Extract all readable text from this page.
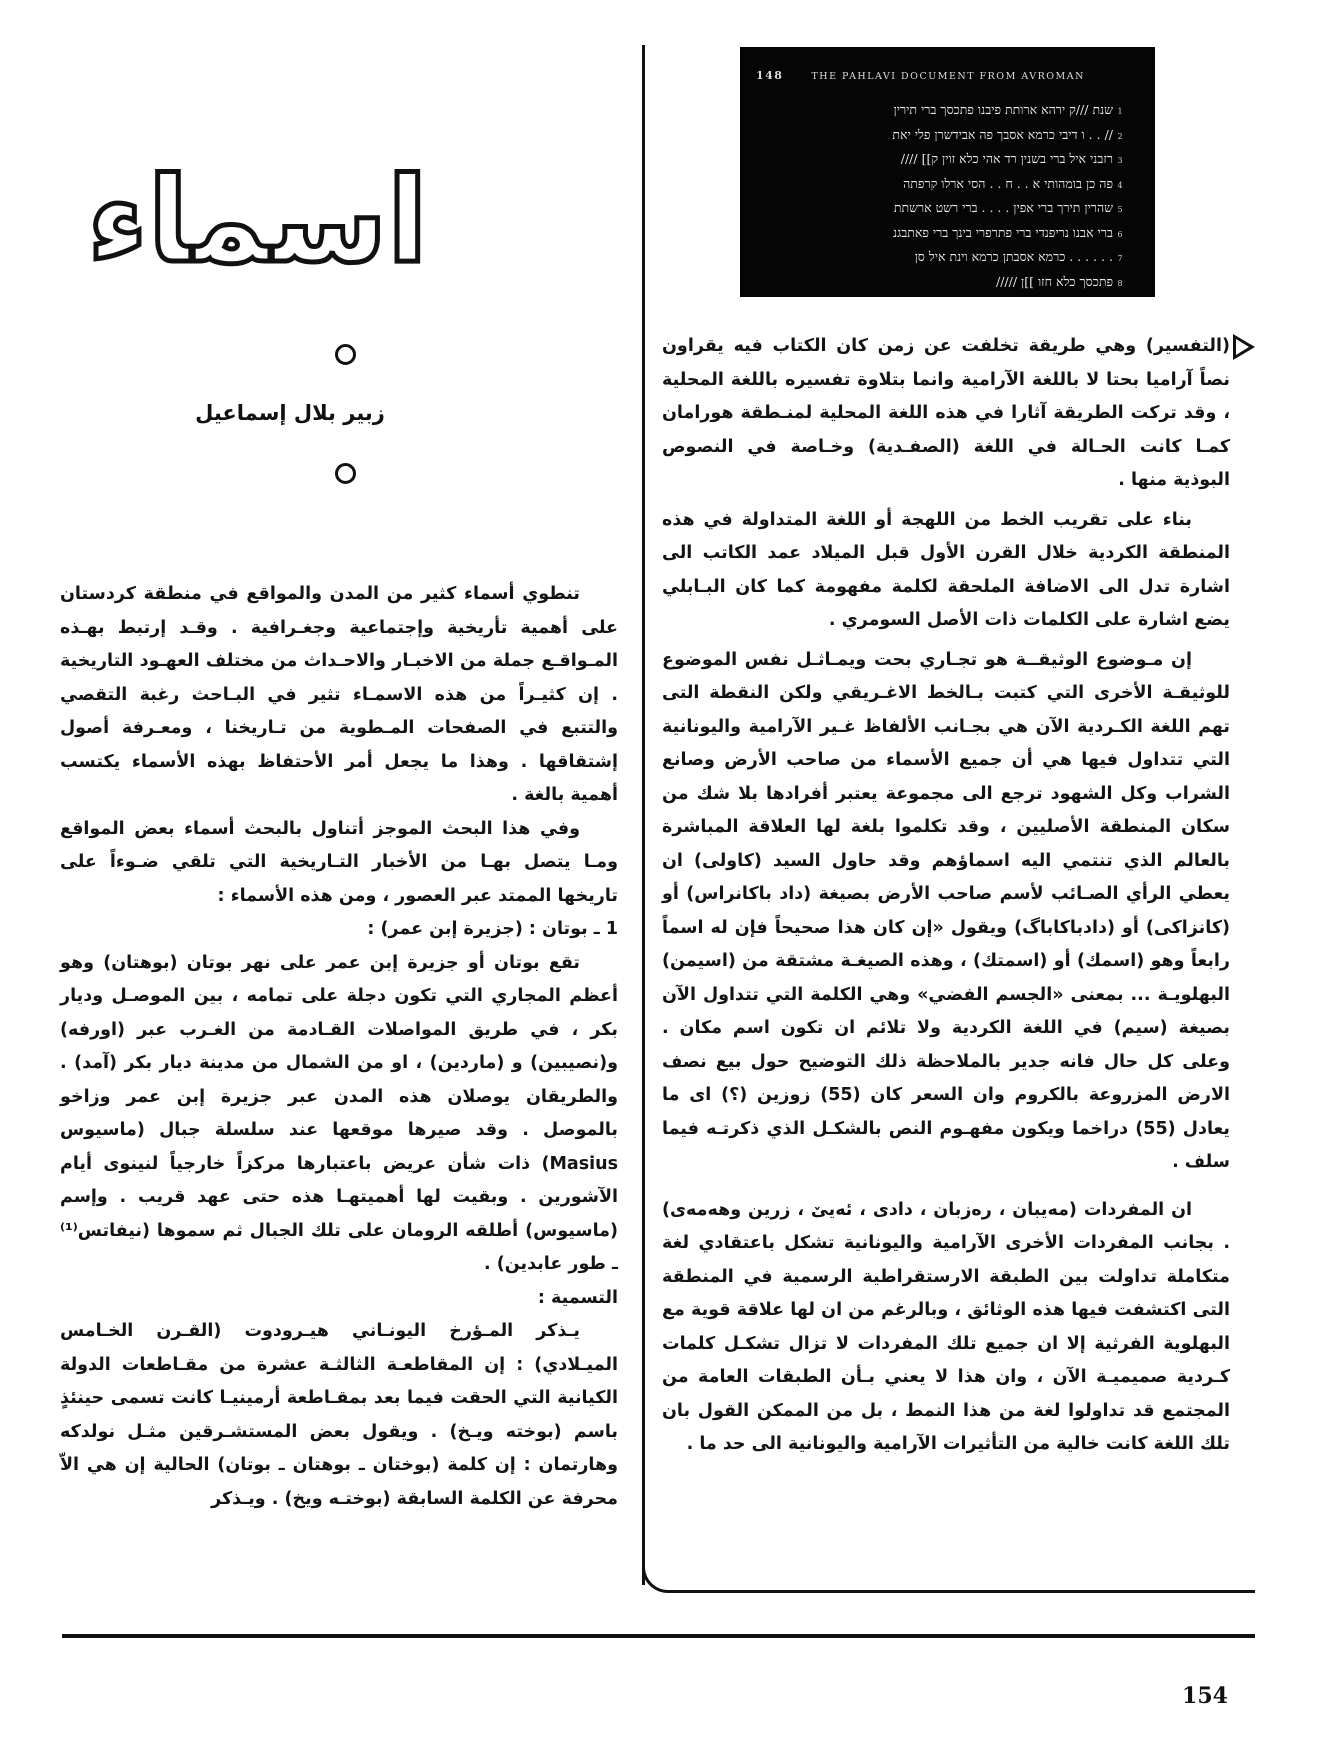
اسماء
زبير بلال إسماعيل

تنطوي أسماء كثير من المدن والمواقع في منطقة كردستان على أهمية تأريخية وإجتماعية وجغـرافية . وقـد إرتبط بهـذه المـواقـع جملة من الاخبـار والاحـداث من مختلف العهـود التاريخية . إن كثيـراً من هذه الاسمـاء تثير في البـاحث رغبة التقصي والتتبع في الصفحات المـطوية من تـاريخنا ، ومعـرفة أصول إشتقاقها . وهذا ما يجعل أمر الأحتفاظ بهذه الأسماء يكتسب أهمية بالغة .

وفي هذا البحث الموجز أتناول بالبحث أسماء بعض المواقع ومـا يتصل بهـا من الأخبار التـاريخية التي تلقي ضـوءاً على تاريخها الممتد عبر العصور ، ومن هذه الأسماء :

1 ـ بوتان : (جزيرة إبن عمر) :

تقع بوتان أو جزيرة إبن عمر على نهر بوتان (بوهتان) وهو أعظم المجاري التي تكون دجلة على تمامه ، بين الموصـل وديار بكر ، في طريق المواصلات القـادمة من الغـرب عبر (اورفه) و(نصيبين) و (ماردين) ، او من الشمال من مدينة ديار بكر (آمد) . والطريقان يوصلان هذه المدن عبر جزيرة إبن عمر وزاخو بالموصل . وقد صيرها موقعها عند سلسلة جبال (ماسيوس Masius) ذات شأن عريض باعتبارها مركزاً خارجياً لنينوى أيام الآشورين . وبقيت لها أهميتهـا هذه حتى عهد قريب . وإسم (ماسيوس) أطلقه الرومان على تلك الجبال ثم سموها (نيفاتس⁽¹⁾ ـ طور عابدين) .

التسمية :

يـذكر المـؤرخ اليونـاني هيـرودوت (القـرن الخـامس الميـلادي) : إن المقاطعـة الثالثـة عشرة من مقـاطعات الدولة الكيانية التي الحقت فيما بعد بمقـاطعة أرمينيـا كانت تسمى حينئذٍ باسم (بوخته ويـخ) . ويقول بعض المستشـرقين مثـل نولدكه وهارتمان : إن كلمة (بوختان ـ بوهتان ـ بوتان) الحالية إن هي الاّ محرفة عن الكلمة السابقة (بوختـه ويخ) . ويـذكر

148	THE PAHLAVI DOCUMENT FROM AVROMAN
1שנת ///ק ירהא ארותת פיבנו פתכסך ברי תירין
2// . . ו דיבי כרמא אסבך פה אבידשרן פלי יאת
3רזבני איל ברי בשנין רד אהי כלא זוין ק]] ////
4פה כן בומהותי א . . ח . . הסי ארלו קרפתה
5שהרין תירך ברי אפין . . . . ברי רשט ארשתת
6ברי אבנו נריפנדי ברי פתרפרי בינך ברי פאתבגנ
7. . . . . . כרמא אסבתן כרמא וינת איל סן
8פתכסך כלא חזו ]]ן /////

(التفسير) وهي طريقة تخلفت عن زمن كان الكتاب فيه يقراون نصاً آراميا بحتا لا باللغة الآرامية وانما بتلاوة تفسيره باللغة المحلية ، وقد تركت الطريقة آثارا في هذه اللغة المحلية لمنـطقة هورامان كمـا كانت الحـالة في اللغة (الصفـدية) وخـاصة في النصوص البوذية منها .

بناء على تقريب الخط من اللهجة أو اللغة المتداولة في هذه المنطقة الكردية خلال القرن الأول قبل الميلاد عمد الكاتب الى اشارة تدل الى الاضافة الملحقة لكلمة مفهومة كما كان البـابلي يضع اشارة على الكلمات ذات الأصل السومري .

إن مـوضوع الوثيقــة هو تجـاري بحت ويمـاثـل نفس الموضوع للوثيقـة الأخرى التي كتبت بـالخط الاغـريقي ولكن النقطة التى تهم اللغة الكـردية الآن هي بجـانب الألفاظ غـير الآرامية واليونانية التي تتداول فيها هي أن جميع الأسماء من صاحب الأرض وصانع الشراب وكل الشهود ترجع الى مجموعة يعتبر أفرادها بلا شك من سكان المنطقة الأصليين ، وقد تكلموا بلغة لها العلاقة المباشرة بالعالم الذي تنتمي اليه اسماؤهم وقد حاول السيد (كاولى) ان يعطي الرأي الصـائب لأسم صاحب الأرض بصيغة (داد باكانراس) أو (كانزاكى) أو (دادباكاباگ) ويقول «إن كان هذا صحيحاً فإن له اسماً رابعاً وهو (اسمك) أو (اسمتك) ، وهذه الصيغـة مشتقة من (اسيمن) البهلويـة ... بمعنى «الجسم الفضي» وهي الكلمة التي تتداول الآن بصيغة (سيم) في اللغة الكردية ولا تلائم ان تكون اسم مكان . وعلى كل حال فانه جدير بالملاحظة ذلك التوضيح حول بيع نصف الارض المزروعة بالكروم وان السعر كان (55) زوزين (؟) اى ما يعادل (55) دراخما ويكون مفهـوم النص بالشكـل الذي ذكرتـه فيما سلف .

ان المفردات (مەیبان ، رەزبان ، دادى ، ئەيێ ، زرين وهەمەى) . بجانب المفردات الأخرى الآرامية واليونانية تشكل باعتقادي لغة متكاملة تداولت بين الطبقة الارستقراطية الرسمية في المنطقة التى اكتشفت فيها هذه الوثائق ، وبالرغم من ان لها علاقة قوية مع البهلوية الفرثية إلا ان جميع تلك المفردات لا تزال تشكـل كلمات كـردية صميميـة الآن ، وان هذا لا يعني بـأن الطبقات العامة من المجتمع قد تداولوا لغة من هذا النمط ، بل من الممكن القول بان تلك اللغة كانت خالية من التأثيرات الآرامية واليونانية الى حد ما .

154
